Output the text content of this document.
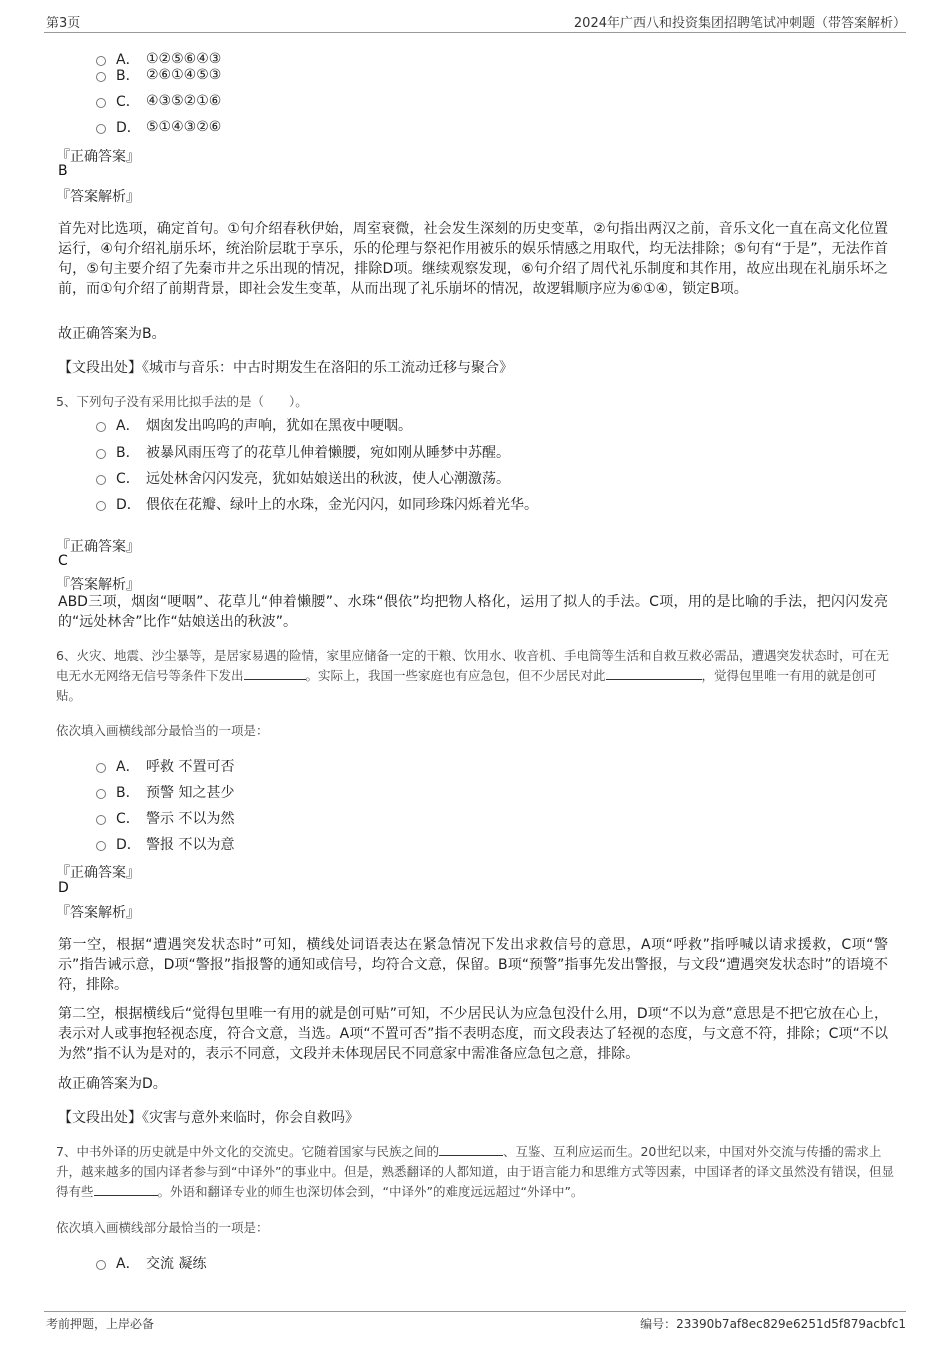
第3页	2024年广西八和投资集团招聘笔试冲刺题（带答案解析）
A． ①②⑤⑥④③
B． ②⑥①④⑤③
C． ④③⑤②①⑥
D． ⑤①④③②⑥
『正确答案』
B
『答案解析』
首先对比选项，确定首句。①句介绍春秋伊始，周室衰微，社会发生深刻的历史变革，②句指出两汉之前，音乐文化一直在高文化位置运行，④句介绍礼崩乐坏，统治阶层耽于享乐，乐的伦理与祭祀作用被乐的娱乐情感之用取代，均无法排除；⑤句有“于是”，无法作首句，⑤句主要介绍了先秦市井之乐出现的情况，排除D项。继续观察发现，⑥句介绍了周代礼乐制度和其作用，故应出现在礼崩乐坏之前，而①句介绍了前期背景，即社会发生变革，从而出现了礼乐崩坏的情况，故逻辑顺序应为⑥①④，锁定B项。
故正确答案为B。
【文段出处】《城市与音乐：中古时期发生在洛阳的乐工流动迁移与聚合》
5、下列句子没有采用比拟手法的是（　　）。
A． 烟囱发出呜呜的声响，犹如在黑夜中哽咽。
B． 被暴风雨压弯了的花草儿伸着懒腰，宛如刚从睡梦中苏醒。
C． 远处林舍闪闪发亮，犹如姑娘送出的秋波，使人心潮激荡。
D． 偎依在花瓣、绿叶上的水珠，金光闪闪，如同珍珠闪烁着光华。
『正确答案』
C
『答案解析』
ABD三项，烟囱“哽咽”、花草儿“伸着懒腰”、水珠“偎依”均把物人格化，运用了拟人的手法。C项，用的是比喻的手法，把闪闪发亮的“远处林舍”比作“姑娘送出的秋波”。
6、火灾、地震、沙尘暴等，是居家易遇的险情，家里应储备一定的干粮、饮用水、收音机、手电筒等生活和自救互救必需品，遭遇突发状态时，可在无电无水无网络无信号等条件下发出	。实际上，我国一些家庭也有应急包，但不少居民对此	，觉得包里唯一有用的就是创可贴。
依次填入画横线部分最恰当的一项是：
A． 呼救 不置可否
B． 预警 知之甚少
C． 警示 不以为然
D． 警报 不以为意
『正确答案』
D
『答案解析』
第一空，根据“遭遇突发状态时”可知，横线处词语表达在紧急情况下发出求救信号的意思，A项“呼救”指呼喊以请求援救，C项“警示”指告诫示意，D项“警报”指报警的通知或信号，均符合文意，保留。B项“预警”指事先发出警报，与文段“遭遇突发状态时”的语境不符，排除。
第二空，根据横线后“觉得包里唯一有用的就是创可贴”可知，不少居民认为应急包没什么用，D项“不以为意”意思是不把它放在心上，表示对人或事抱轻视态度，符合文意，当选。A项“不置可否”指不表明态度，而文段表达了轻视的态度，与文意不符，排除；C项“不以为然”指不认为是对的，表示不同意，文段并未体现居民不同意家中需准备应急包之意，排除。
故正确答案为D。
【文段出处】《灾害与意外来临时，你会自救吗》
7、中书外译的历史就是中外文化的交流史。它随着国家与民族之间的	、互鉴、互利应运而生。20世纪以来，中国对外交流与传播的需求上升，越来越多的国内译者参与到“中译外”的事业中。但是，熟悉翻译的人都知道，由于语言能力和思维方式等因素，中国译者的译文虽然没有错误，但显得有些	。外语和翻译专业的师生也深切体会到，“中译外”的难度远远超过“外译中”。
依次填入画横线部分最恰当的一项是：
A． 交流 凝练
考前押题，上岸必备	编号：23390b7af8ec829e6251d5f879acbfc1
